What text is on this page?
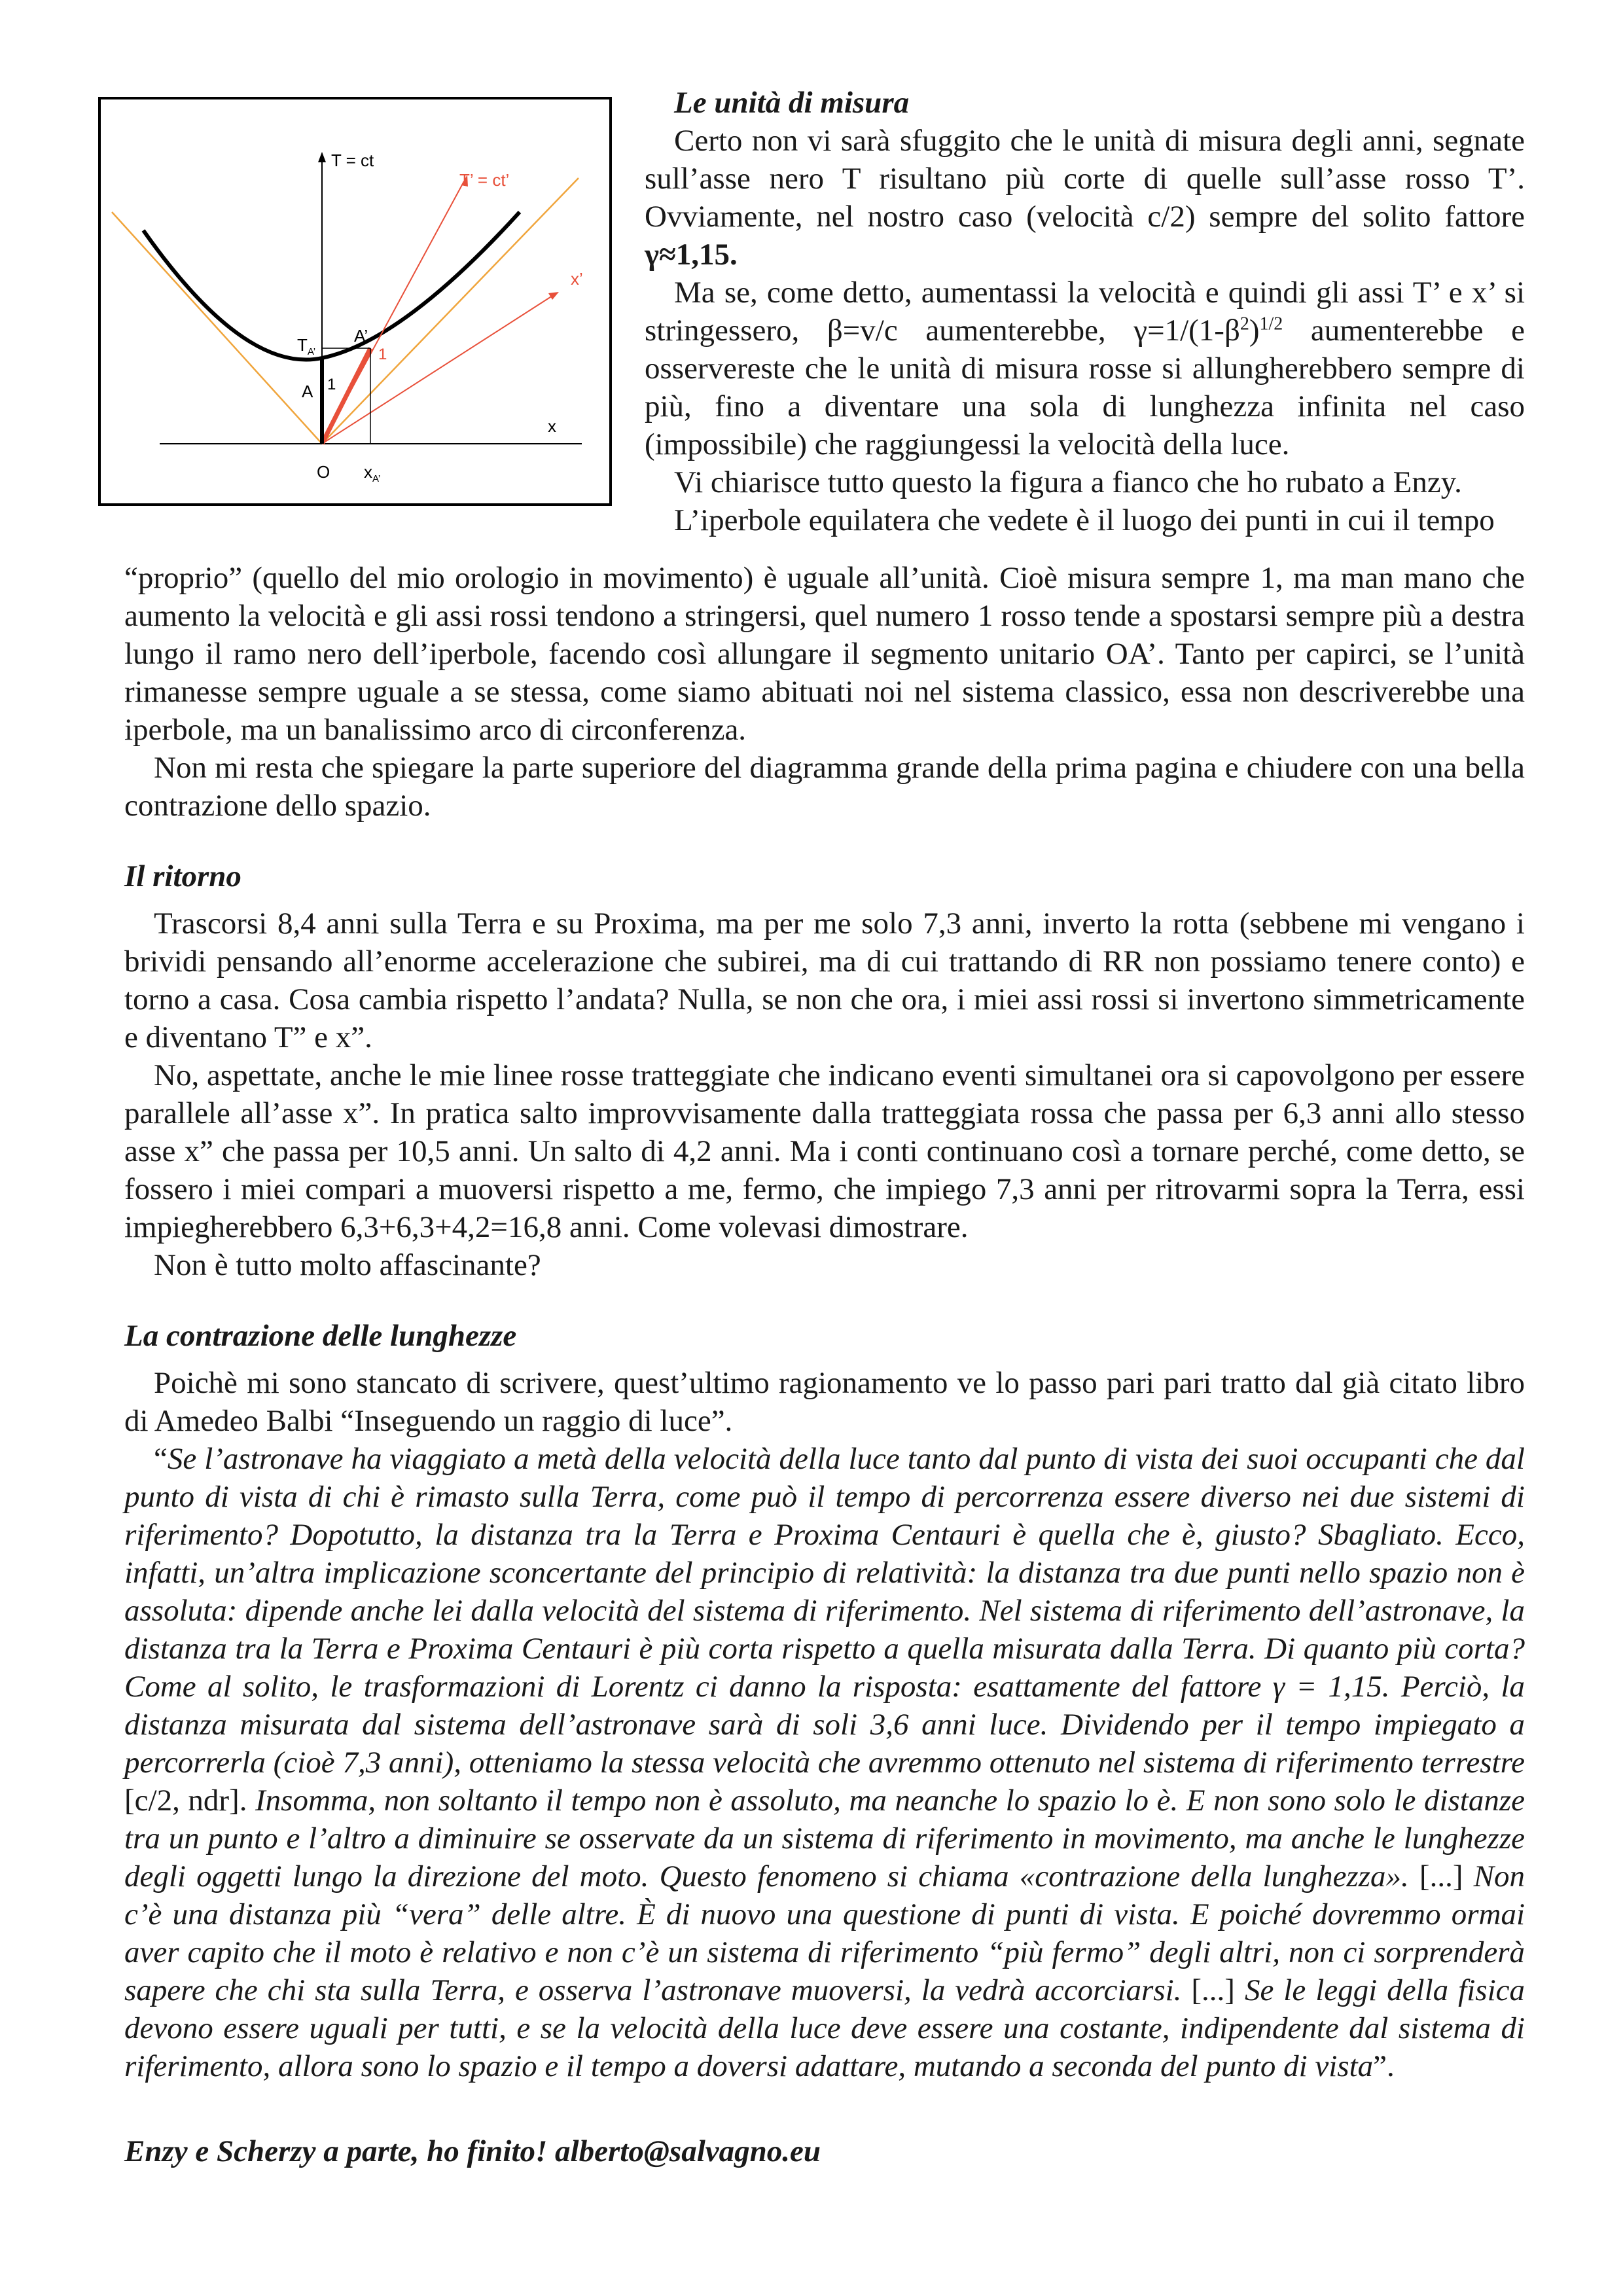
T = ct
T’ = ct’
x’
x
O
A 1
A’
1
$T_{A’}$
$x_{A’}$
Le unità di misura

Certo non vi sarà sfuggito che le unità di misura degli anni, segnate sull’asse nero T risultano più corte di quelle sull’asse rosso T’. Ovviamente, nel nostro caso (velocità c/2) sempre del solito fattore γ≈1,15.

Ma se, come detto, aumentassi la velocità e quindi gli assi T’ e x’ si stringessero, β=v/c aumenterebbe, $\gamma=1/(1-\beta^2)^{1/2}$ aumenterebbe e osservereste che le unità di misura rosse si allungherebbero sempre di più, fino a diventare una sola di lunghezza infinita nel caso (impossibile) che raggiungessi la velocità della luce.

Vi chiarisce tutto questo la figura a fianco che ho rubato a Enzy.

L’iperbole equilatera che vedete è il luogo dei punti in cui il tempo

“proprio” (quello del mio orologio in movimento) è uguale all’unità. Cioè misura sempre 1, ma man mano che aumento la velocità e gli assi rossi tendono a stringersi, quel numero 1 rosso tende a spostarsi sempre più a destra lungo il ramo nero dell’iperbole, facendo così allungare il segmento unitario OA’. Tanto per capirci, se l’unità rimanesse sempre uguale a se stessa, come siamo abituati noi nel sistema classico, essa non descriverebbe una iperbole, ma un banalissimo arco di circonferenza.

Non mi resta che spiegare la parte superiore del diagramma grande della prima pagina e chiudere con una bella contrazione dello spazio.

Il ritorno

Trascorsi 8,4 anni sulla Terra e su Proxima, ma per me solo 7,3 anni, inverto la rotta (sebbene mi vengano i brividi pensando all’enorme accelerazione che subirei, ma di cui trattando di RR non possiamo tenere conto) e torno a casa. Cosa cambia rispetto l’andata? Nulla, se non che ora, i miei assi rossi si invertono simmetricamente e diventano T” e x”.

No, aspettate, anche le mie linee rosse tratteggiate che indicano eventi simultanei ora si capovolgono per essere parallele all’asse x”. In pratica salto improvvisamente dalla tratteggiata rossa che passa per 6,3 anni allo stesso asse x” che passa per 10,5 anni. Un salto di 4,2 anni. Ma i conti continuano così a tornare perché, come detto, se fossero i miei compari a muoversi rispetto a me, fermo, che impiego 7,3 anni per ritrovarmi sopra la Terra, essi impiegherebbero 6,3+6,3+4,2=16,8 anni. Come volevasi dimostrare.

Non è tutto molto affascinante?

La contrazione delle lunghezze

Poichè mi sono stancato di scrivere, quest’ultimo ragionamento ve lo passo pari pari tratto dal già citato libro di Amedeo Balbi “Inseguendo un raggio di luce”.

“Se l’astronave ha viaggiato a metà della velocità della luce tanto dal punto di vista dei suoi occupanti che dal punto di vista di chi è rimasto sulla Terra, come può il tempo di percorrenza essere diverso nei due sistemi di riferimento? Dopotutto, la distanza tra la Terra e Proxima Centauri è quella che è, giusto? Sbagliato. Ecco, infatti, un’altra implicazione sconcertante del principio di relatività: la distanza tra due punti nello spazio non è assoluta: dipende anche lei dalla velocità del sistema di riferimento. Nel sistema di riferimento dell’astronave, la distanza tra la Terra e Proxima Centauri è più corta rispetto a quella misurata dalla Terra. Di quanto più corta? Come al solito, le trasformazioni di Lorentz ci danno la risposta: esattamente del fattore γ = 1,15. Perciò, la distanza misurata dal sistema dell’astronave sarà di soli 3,6 anni luce. Dividendo per il tempo impiegato a percorrerla (cioè 7,3 anni), otteniamo la stessa velocità che avremmo ottenuto nel sistema di riferimento terrestre [c/2, ndr]. Insomma, non soltanto il tempo non è assoluto, ma neanche lo spazio lo è. E non sono solo le distanze tra un punto e l’altro a diminuire se osservate da un sistema di riferimento in movimento, ma anche le lunghezze degli oggetti lungo la direzione del moto. Questo fenomeno si chiama «contrazione della lunghezza». [...] Non c’è una distanza più “vera” delle altre. È di nuovo una questione di punti di vista. E poiché dovremmo ormai aver capito che il moto è relativo e non c’è un sistema di riferimento “più fermo” degli altri, non ci sorprenderà sapere che chi sta sulla Terra, e osserva l’astronave muoversi, la vedrà accorciarsi. [...] Se le leggi della fisica devono essere uguali per tutti, e se la velocità della luce deve essere una costante, indipendente dal sistema di riferimento, allora sono lo spazio e il tempo a doversi adattare, mutando a seconda del punto di vista”.

Enzy e Scherzy a parte, ho finito! alberto@salvagno.eu
